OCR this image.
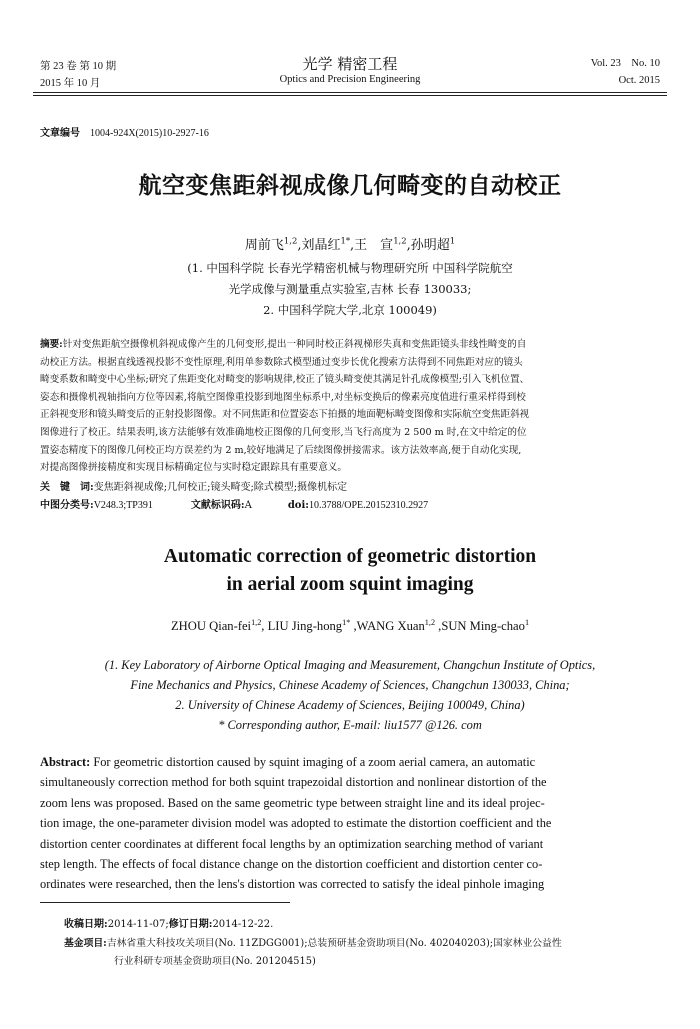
第 23 卷 第 10 期
2015 年 10 月
光学 精密工程
Optics and Precision Engineering
Vol. 23    No. 10
Oct. 2015
文章编号 1004-924X(2015)10-2927-16
航空变焦距斜视成像几何畸变的自动校正
周前飞$^{1,2}$,刘晶红$^{1*}$,王　宣$^{1,2}$,孙明超$^1$
(1. 中国科学院 长春光学精密机械与物理研究所 中国科学院航空
光学成像与测量重点实验室,吉林 长春 130033;
2. 中国科学院大学,北京 100049)
摘要:针对变焦距航空摄像机斜视成像产生的几何变形,提出一种同时校正斜视梯形失真和变焦距镜头非线性畸变的自
动校正方法。根据直线透视投影不变性原理,利用单参数除式模型通过变步长优化搜索方法得到不同焦距对应的镜头
畸变系数和畸变中心坐标;研究了焦距变化对畸变的影响规律,校正了镜头畸变使其满足针孔成像模型;引入飞机位置、
姿态和摄像机视轴指向方位等因素,将航空图像重投影到地图坐标系中,对坐标变换后的像素亮度值进行重采样得到校
正斜视变形和镜头畸变后的正射投影图像。对不同焦距和位置姿态下拍摄的地面靶标畸变图像和实际航空变焦距斜视
图像进行了校正。结果表明,该方法能够有效准确地校正图像的几何变形,当飞行高度为 2 500 m 时,在文中给定的位
置姿态精度下的图像几何校正均方误差约为 2 m,较好地满足了后续图像拼接需求。该方法效率高,便于自动化实现,
对提高图像拼接精度和实现目标精确定位与实时稳定跟踪具有重要意义。
关　键　词:变焦距斜视成像;几何校正;镜头畸变;除式模型;摄像机标定
中图分类号:V248.3;TP391	文献标识码:A	doi:10.3788/OPE.20152310.2927
Automatic correction of geometric distortion
in aerial zoom squint imaging
ZHOU Qian-fei$^{1,2}$, LIU Jing-hong$^{1*}$ ,WANG Xuan$^{1,2}$ ,SUN Ming-chao$^1$
(1. Key Laboratory of Airborne Optical Imaging and Measurement, Changchun Institute of Optics,
Fine Mechanics and Physics, Chinese Academy of Sciences, Changchun 130033, China;
2. University of Chinese Academy of Sciences, Beijing 100049, China)
* Corresponding author, E-mail: liu1577 @126. com
Abstract: For geometric distortion caused by squint imaging of a zoom aerial camera, an automatic
simultaneously correction method for both squint trapezoidal distortion and nonlinear distortion of the
zoom lens was proposed. Based on the same geometric type between straight line and its ideal projec-
tion image, the one-parameter division model was adopted to estimate the distortion coefficient and the
distortion center coordinates at different focal lengths by an optimization searching method of variant
step length. The effects of focal distance change on the distortion coefficient and distortion center co-
ordinates were researched, then the lens's distortion was corrected to satisfy the ideal pinhole imaging
收稿日期:2014-11-07;修订日期:2014-12-22.
基金项目:吉林省重大科技攻关项目(No. 11ZDGG001);总装预研基金资助项目(No. 402040203);国家林业公益性
行业科研专项基金资助项目(No. 201204515)
